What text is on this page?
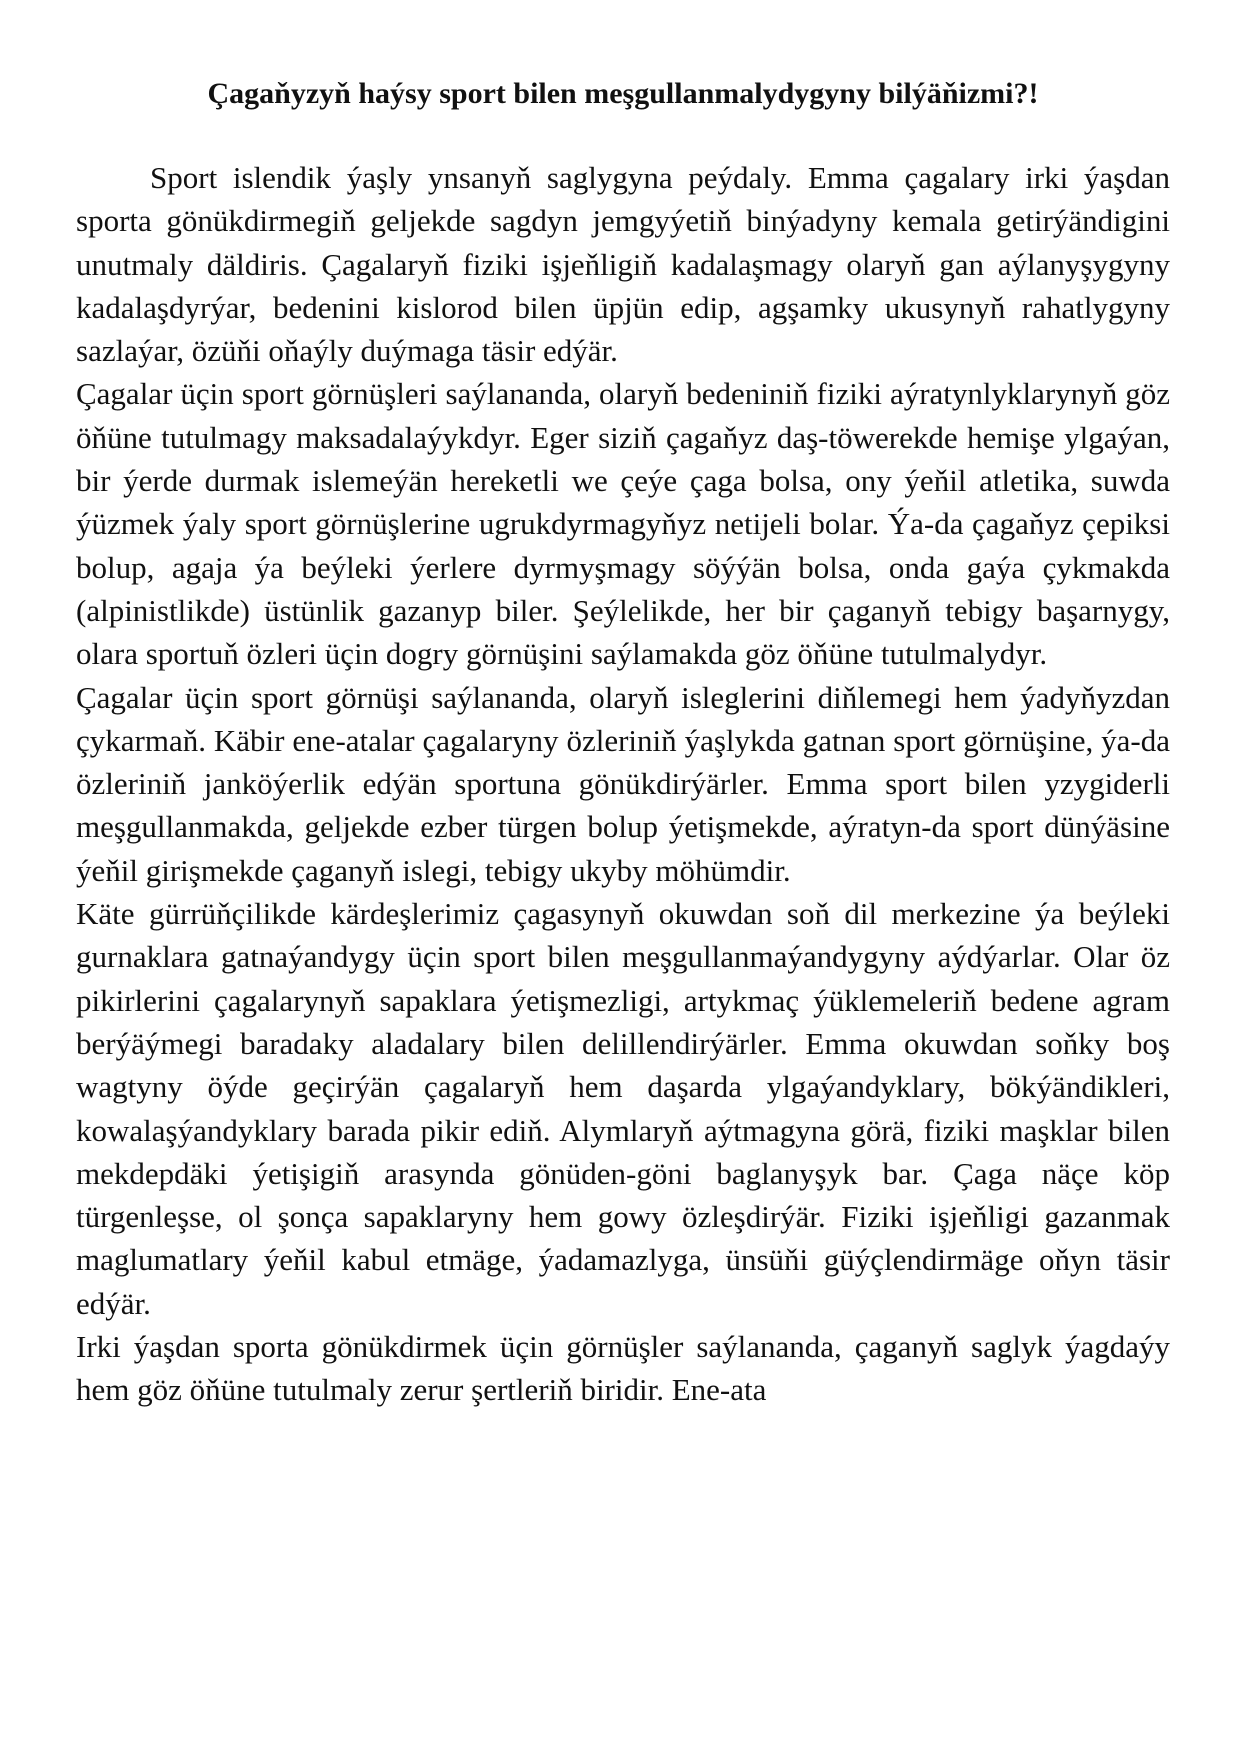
Çagaňyzyň haýsy sport bilen meşgullanmalydygyny bilýäňizmi?!

Sport islendik ýaşly ynsanyň saglygyna peýdaly. Emma çagalary irki ýaşdan sporta gönükdirmegiň geljekde sagdyn jemgyýetiň binýadyny kemala getirýändigini unutmaly däldiris. Çagalaryň fiziki işjeňligiň kadalaşmagy olaryň gan aýlanyşygyny kadalaşdyrýar, bedenini kislorod bilen üpjün edip, agşamky ukusynyň rahatlygyny sazlaýar, özüňi oňaýly duýmaga täsir edýär.

Çagalar üçin sport görnüşleri saýlananda, olaryň bedeniniň fiziki aýratynlyklarynyň göz öňüne tutulmagy maksadalaýykdyr. Eger siziň çagaňyz daş-töwerekde hemişe ylgaýan, bir ýerde durmak islemeýän hereketli we çeýe çaga bolsa, ony ýeňil atletika, suwda ýüzmek ýaly sport görnüşlerine ugrukdyrmagyňyz netijeli bolar. Ýa-da çagaňyz çepiksi bolup, agaja ýa beýleki ýerlere dyrmyşmagy söýýän bolsa, onda gaýa çykmakda (alpinistlikde) üstünlik gazanyp biler. Şeýlelikde, her bir çaganyň tebigy başarnygy, olara sportuň özleri üçin dogry görnüşini saýlamakda göz öňüne tutulmalydyr.

Çagalar üçin sport görnüşi saýlananda, olaryň isleglerini diňlemegi hem ýadyňyzdan çykarmaň. Käbir ene-atalar çagalaryny özleriniň ýaşlykda gatnan sport görnüşine, ýa-da özleriniň janköýerlik edýän sportuna gönükdirýärler. Emma sport bilen yzygiderli meşgullanmakda, geljekde ezber türgen bolup ýetişmekde, aýratyn-da sport dünýäsine ýeňil girişmekde çaganyň islegi, tebigy ukyby möhümdir.

Käte gürrüňçilikde kärdeşlerimiz çagasynyň okuwdan soň dil merkezine ýa beýleki gurnaklara gatnaýandygy üçin sport bilen meşgullanmaýandygyny aýdýarlar. Olar öz pikirlerini çagalarynyň sapaklara ýetişmezligi, artykmaç ýüklemeleriň bedene agram berýäýmegi baradaky aladalary bilen delillendirýärler. Emma okuwdan soňky boş wagtyny öýde geçirýän çagalaryň hem daşarda ylgaýandyklary, bökýändikleri, kowalaşýandyklary barada pikir ediň. Alymlaryň aýtmagyna görä, fiziki maşklar bilen mekdepdäki ýetişigiň arasynda gönüden-göni baglanyşyk bar. Çaga näçe köp türgenleşse, ol şonça sapaklaryny hem gowy özleşdirýär. Fiziki işjeňligi gazanmak maglumatlary ýeňil kabul etmäge, ýadamazlyga, ünsüňi güýçlendirmäge oňyn täsir edýär.

Irki ýaşdan sporta gönükdirmek üçin görnüşler saýlananda, çaganyň saglyk ýagdaýy hem göz öňüne tutulmaly zerur şertleriň biridir. Ene-ata
